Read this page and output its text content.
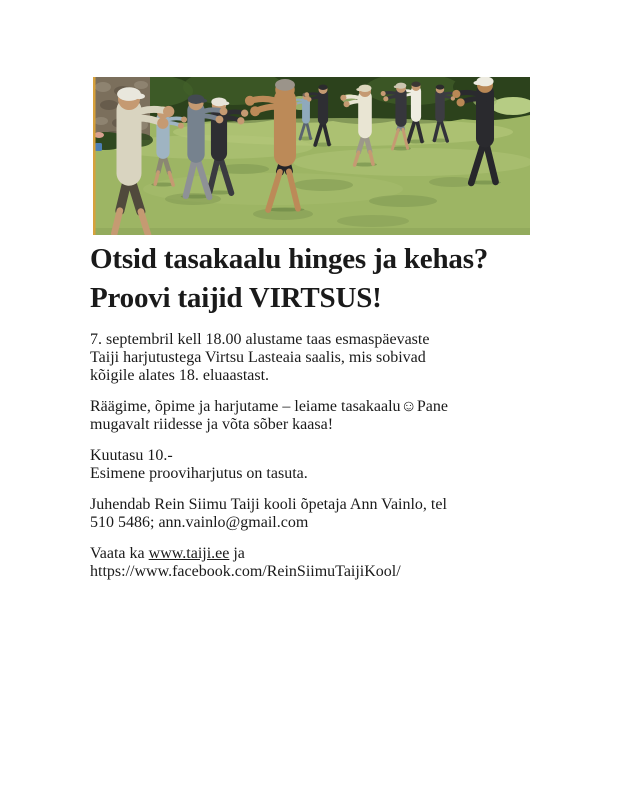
Otsid tasakaalu hinges ja kehas?
Proovi taijid VIRTSUS!

7. septembril kell 18.00 alustame taas esmaspäevaste
Taiji harjutustega Virtsu Lasteaia saalis, mis sobivad
kõigile alates 18. eluaastast.

Räägime, õpime ja harjutame – leiame tasakaalu☺Pane
mugavalt riidesse ja võta sõber kaasa!

Kuutasu 10.-
Esimene prooviharjutus on tasuta.

Juhendab Rein Siimu Taiji kooli õpetaja Ann Vainlo, tel
510 5486; ann.vainlo@gmail.com

Vaata ka www.taiji.ee ja
https://www.facebook.com/ReinSiimuTaijiKool/
